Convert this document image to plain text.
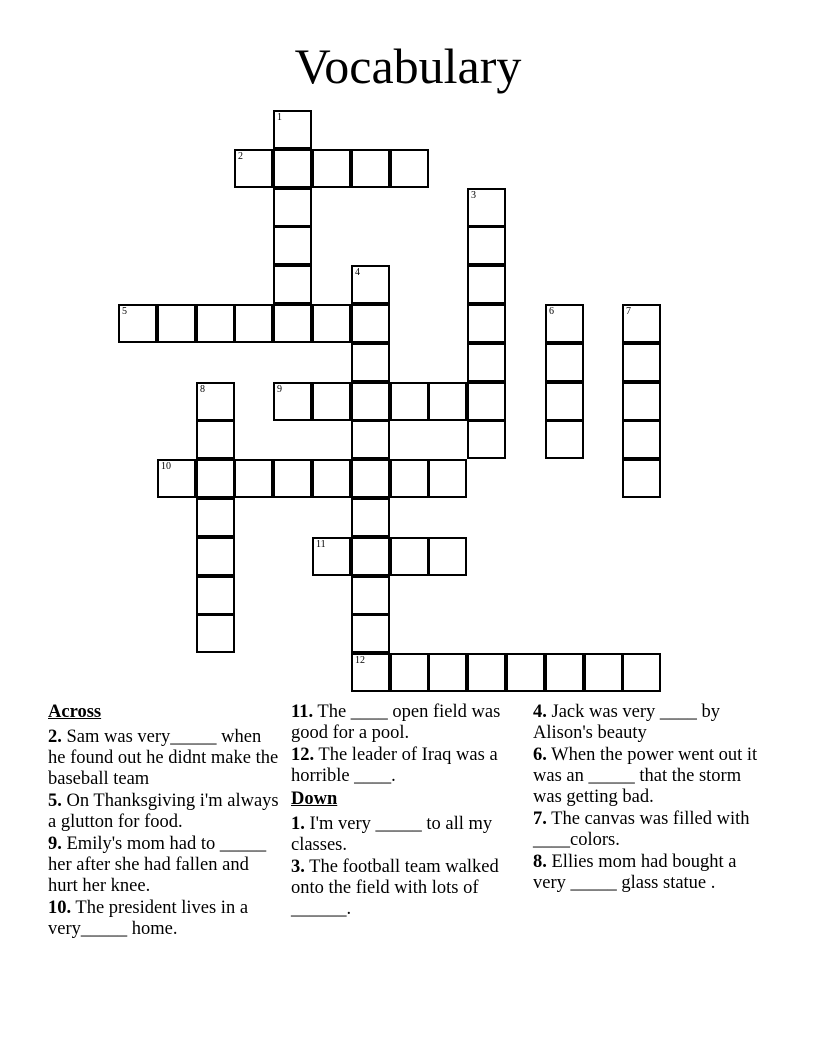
Vocabulary
1
2
3
4
5	6	7
8	9
10
11
12
Across
2. Sam was very_____ when he found out he didnt make the baseball team
5. On Thanksgiving i'm always a glutton for food.
9. Emily's mom had to _____ her after she had fallen and hurt her knee.
10. The president lives in a very_____ home.
11. The ____ open field was good for a pool.
12. The leader of Iraq was a horrible ____.
Down
1. I'm very _____ to all my classes.
3. The football team walked onto the field with lots of ______.
4. Jack was very ____ by Alison's beauty
6. When the power went out it was an _____ that the storm was getting bad.
7. The canvas was filled with ____colors.
8. Ellies mom had bought a very _____ glass statue .
